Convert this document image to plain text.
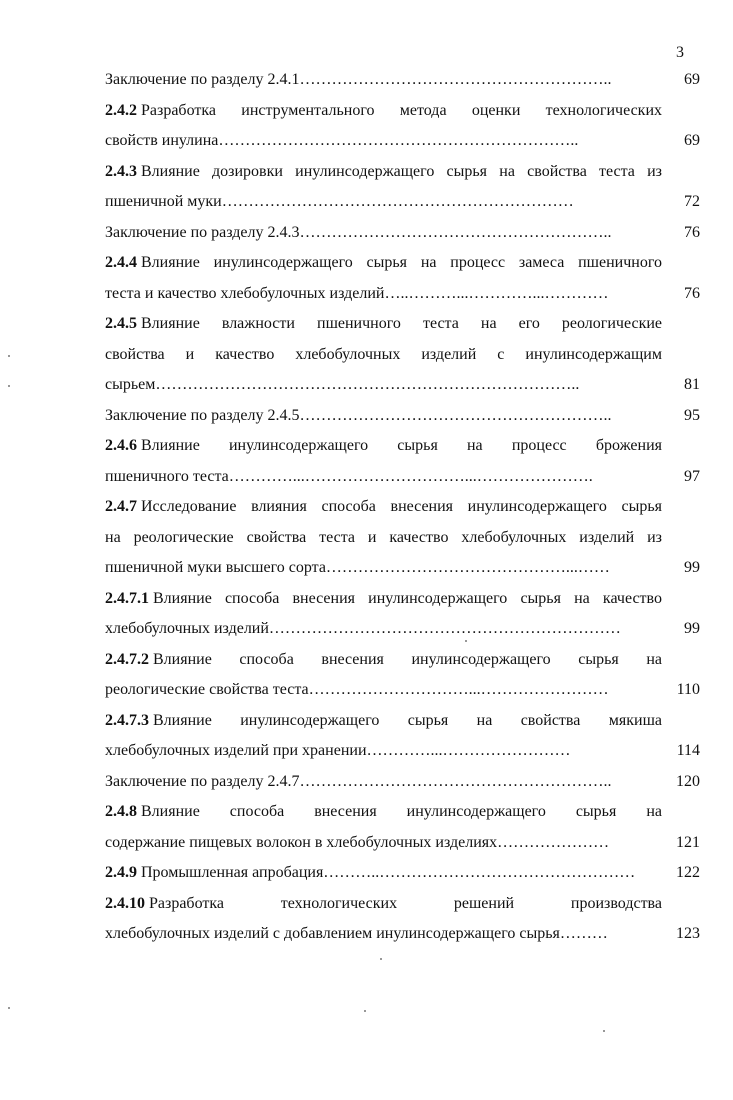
3
Заключение по разделу 2.4.1…………………………………………………..	69
2.4.2 Разработка инструментального метода оценки технологических
свойств инулина…………………………………………………………..	69
2.4.3 Влияние дозировки инулинсодержащего сырья на свойства теста из
пшеничной муки…………………………………………………………	72
Заключение по разделу 2.4.3…………………………………………………..	76
2.4.4 Влияние инулинсодержащего сырья на процесс замеса пшеничного
теста и качество хлебобулочных изделий…..………...…………...…………	76
2.4.5 Влияние влажности пшеничного теста на его реологические
свойства и качество хлебобулочных изделий с инулинсодержащим
сырьем……………………………………………………………………..	81
Заключение по разделу 2.4.5…………………………………………………..	95
2.4.6 Влияние инулинсодержащего сырья на процесс брожения
пшеничного теста…………...…………………………...………………….	97
2.4.7 Исследование влияния способа внесения инулинсодержащего сырья
на реологические свойства теста и качество хлебобулочных изделий из
пшеничной муки высшего сорта………………………………………...……	99
2.4.7.1 Влияние способа внесения инулинсодержащего сырья на качество
хлебобулочных изделий…………………………………………………………	99
2.4.7.2 Влияние способа внесения инулинсодержащего сырья на
реологические свойства теста…………………………...……………………	110
2.4.7.3 Влияние инулинсодержащего сырья на свойства мякиша
хлебобулочных изделий при хранении…………...……………………	114
Заключение по разделу 2.4.7…………………………………………………..	120
2.4.8 Влияние способа внесения инулинсодержащего сырья на
содержание пищевых волокон в хлебобулочных изделиях…………………	121
2.4.9 Промышленная апробация………..…………………………………………	122
2.4.10 Разработка технологических решений производства
хлебобулочных изделий с добавлением инулинсодержащего сырья………	123
